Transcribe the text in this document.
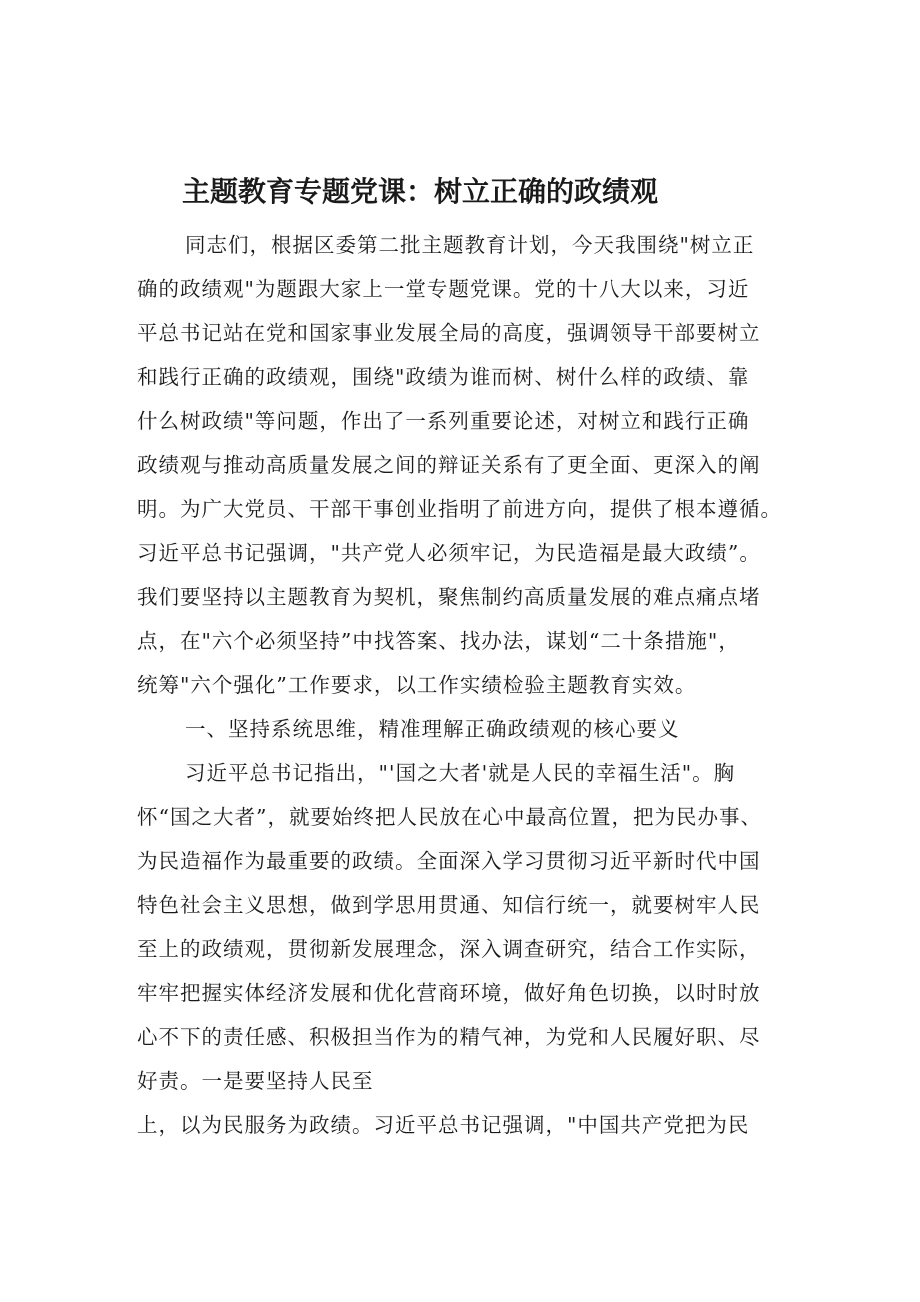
主题教育专题党课：树立正确的政绩观
同志们，根据区委第二批主题教育计划，今天我围绕"树立正
确的政绩观"为题跟大家上一堂专题党课。党的十八大以来，习近
平总书记站在党和国家事业发展全局的高度，强调领导干部要树立
和践行正确的政绩观，围绕"政绩为谁而树、树什么样的政绩、靠
什么树政绩"等问题，作出了一系列重要论述，对树立和践行正确
政绩观与推动高质量发展之间的辩证关系有了更全面、更深入的阐
明。为广大党员、干部干事创业指明了前进方向，提供了根本遵循。
习近平总书记强调，"共产党人必须牢记，为民造福是最大政绩”。
我们要坚持以主题教育为契机，聚焦制约高质量发展的难点痛点堵
点，在"六个必须坚持”中找答案、找办法，谋划“二十条措施"，
统筹"六个强化”工作要求，以工作实绩检验主题教育实效。
一、坚持系统思维，精准理解正确政绩观的核心要义
习近平总书记指出，"'国之大者'就是人民的幸福生活"。胸
怀“国之大者”，就要始终把人民放在心中最高位置，把为民办事、
为民造福作为最重要的政绩。全面深入学习贯彻习近平新时代中国
特色社会主义思想，做到学思用贯通、知信行统一，就要树牢人民
至上的政绩观，贯彻新发展理念，深入调查研究，结合工作实际，
牢牢把握实体经济发展和优化营商环境，做好角色切换，以时时放
心不下的责任感、积极担当作为的精气神，为党和人民履好职、尽
好责。一是要坚持人民至
上，以为民服务为政绩。习近平总书记强调，"中国共产党把为民
